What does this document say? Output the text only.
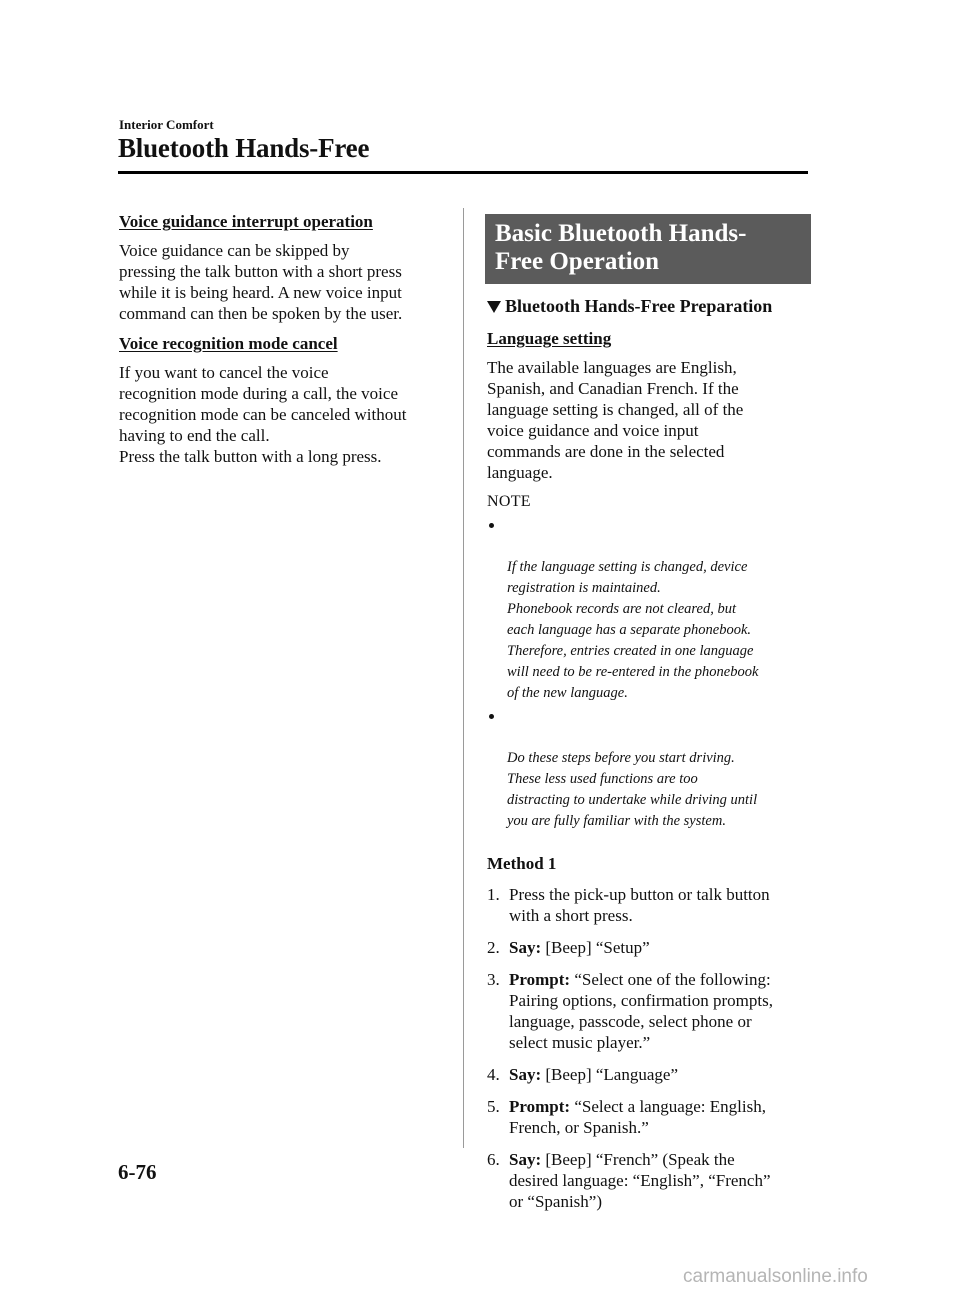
Interior Comfort
Bluetooth Hands-Free
Voice guidance interrupt operation
Voice guidance can be skipped by
pressing the talk button with a short press
while it is being heard. A new voice input
command can then be spoken by the user.
Voice recognition mode cancel
If you want to cancel the voice
recognition mode during a call, the voice
recognition mode can be canceled without
having to end the call.
Press the talk button with a long press.
Basic Bluetooth Hands-
Free Operation
Bluetooth Hands-Free Preparation
Language setting
The available languages are English,
Spanish, and Canadian French. If the
language setting is changed, all of the
voice guidance and voice input
commands are done in the selected
language.
NOTE

If the language setting is changed, device
registration is maintained.
Phonebook records are not cleared, but
each language has a separate phonebook.
Therefore, entries created in one language
will need to be re-entered in the phonebook
of the new language.

Do these steps before you start driving.
These less used functions are too
distracting to undertake while driving until
you are fully familiar with the system.

Method 1
1. Press the pick-up button or talk button
with a short press.
2. Say: [Beep] “Setup”
3. Prompt: “Select one of the following:
Pairing options, confirmation prompts,
language, passcode, select phone or
select music player.”
4. Say: [Beep] “Language”
5. Prompt: “Select a language: English,
French, or Spanish.”
6. Say: [Beep] “French” (Speak the
desired language: “English”, “French”
or “Spanish”)
6-76
carmanualsonline.info
